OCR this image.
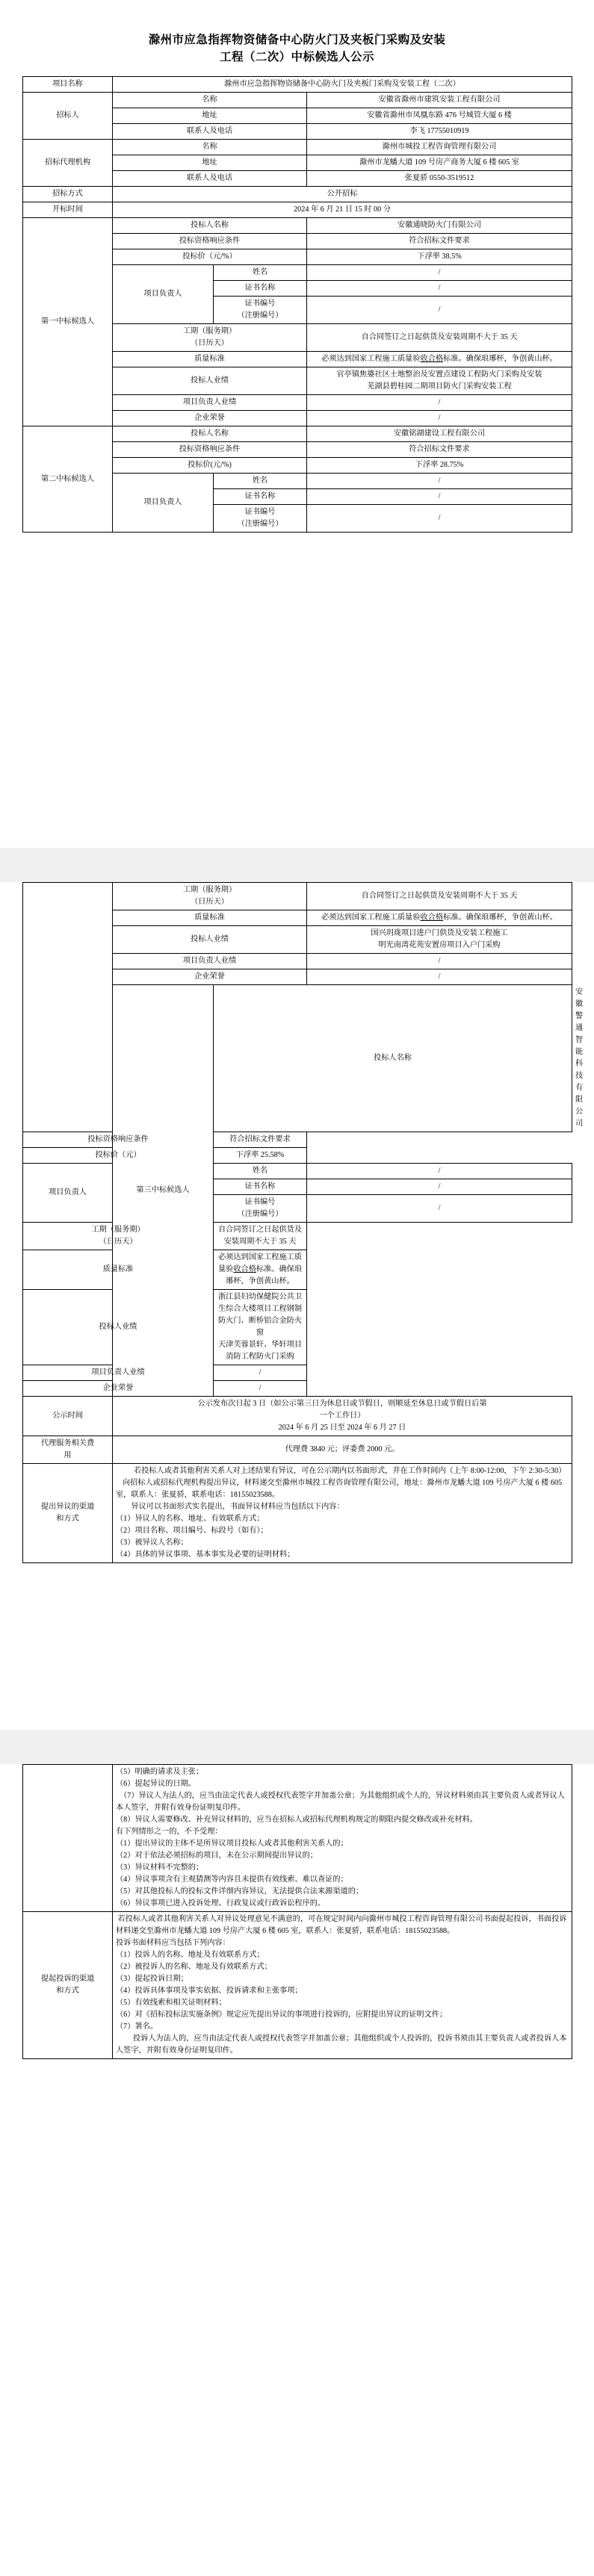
滁州市应急指挥物资储备中心防火门及夹板门采购及安装
工程（二次）中标候选人公示
项目名称	滁州市应急指挥物资储备中心防火门及夹板门采购及安装工程（二次）		
招标人	名称		安徽省滁州市建筑安装工程有限公司
	地址		安徽省滁州市凤凰东路 476 号城管大厦 6 楼
	联系人及电话		李飞 17755010919
招标代理机构	名称		滁州市城投工程咨询管理有限公司
	地址		滁州市龙蟠大道 109 号房产商务大厦 6 楼 605 室
	联系人及电话		张夏骄 0550-3519512
招标方式	公开招标		
开标时间	2024 年 6 月 21 日 15 时 00 分		
第一中标候选人	投标人名称		安徽通晓防火门有限公司
	投标资格响应条件		符合招标文件要求
	投标价（元/%）		下浮率 38.5%
	项目负责人	姓名	/
		证书名称	/

		证书编号
（注册编号）	/

	工期（服务期）
（日历天）		自合同签订之日起供货及安装周期不大于 35 天
	质量标准		必须达到国家工程施工质量验收合格标准。确保琅琊杯，争创黄山杯。
	投标人业绩		官亭镇焦婆社区土地整治及安置点建设工程防火门采购及安装
芜湖县碧桂园二期项目防火门采购安装工程

	项目负责人业绩		/
	企业荣誉		/
第二中标候选人	投标人名称		安徽铭湖建设工程有限公司
	投标资格响应条件		符合招标文件要求
	投标价(元/%)		下浮率 28.75%
	项目负责人	姓名	/
		证书名称	/

		证书编号
（注册编号）	/

	工期（服务期）
（日历天）		自合同签订之日起供货及安装周期不大于 35 天	
	质量标准		必须达到国家工程施工质量验收合格标准。确保琅琊杯，争创黄山杯。	
	投标人业绩		国兴玥珑项目进户门供货及安装工程施工
明光南湾花苑安置房项目入户门采购	

	项目负责人业绩		/	
	企业荣誉		/	
	第三中标候选人	投标人名称		安徽警通智能科技有限公司
投标资格响应条件		符合招标文件要求		
投标价（元）		下浮率 25.58%		
项目负责人		姓名	/	
		证书名称	/	

		证书编号
（注册编号）	/	

工期（服务期）
（日历天）		自合同签订之日起供货及安装周期不大于 35 天		
质量标准		必须达到国家工程施工质量验收合格标准。确保琅琊杯，争创黄山杯。		
投标人业绩		浙江县妇幼保健院公共卫生综合大楼项目工程钢制防火门、断桥铝合金防火窗
天津芙蓉景轩、华轩项目消防工程防火门采购		

项目负责人业绩		/		
企业荣誉		/		
公示时间	公示发布次日起 3 日（如公示第三日为休息日或节假日，则顺延至休息日或节假日后第
一个工作日）
2024 年 6 月 25 日至 2024 年 6 月 27 日			

代理服务相关费
用	代理费 3840 元；评委费 2000 元。			

提出异议的渠道
和方式

若投标人或者其他利害关系人对上述结果有异议，可在公示期内以书面形式，并在工作时间内（上午 8:00-12:00，下午 2:30-5:30）向招标人或招标代理机构提出异议，材料递交至滁州市城投工程咨询管理有限公司，地址：滁州市龙蟠大道 109 号房产大厦 6 楼 605 室，联系人：张夏骄，联系电话：18155023588。

异议可以书面形式实名提出，书面异议材料应当包括以下内容：

（1）异议人的名称、地址、有效联系方式；

（2）项目名称、项目编号、标段号（如有）；

（3）被异议人名称；

（4）具体的异议事项、基本事实及必要的证明材料；

（5）明确的请求及主张；

（6）提起异议的日期。

（7）异议人为法人的，应当由法定代表人或授权代表签字并加盖公章；为其他组织或个人的，异议材料须由其主要负责人或者异议人本人签字，并附有效身份证明复印件。

（8）异议人需要修改、补充异议材料的，应当在招标人或招标代理机构规定的期限内提交修改或补充材料。

有下列情形之一的，不予受理：

（1）提出异议的主体不是所异议项目投标人或者其他利害关系人的；

（2）对于依法必须招标的项目，未在公示期间提出异议的；

（3）异议材料不完整的；

（4）异议事项含有主观猜测等内容且未提供有效线索、难以查证的；

（5）对其他投标人的投标文件详细内容异议，无法提供合法来源渠道的；

（6）异议事项已进入投诉处理、行政复议或行政诉讼程序的。

提起投诉的渠道
和方式

若投标人或者其他利害关系人对异议处理意见不满意的，可在规定时间内向滁州市城投工程咨询管理有限公司书面提起投诉，书面投诉材料递交至滁州市龙蟠大道 109 号房产大厦 6 楼 605 室，联系人：张夏骄，联系电话：18155023588。

投诉书面材料应当包括下列内容：

（1）投诉人的名称、地址及有效联系方式；

（2）被投诉人的名称、地址及有效联系方式；

（3）提起投诉日期；

（4）投诉具体事项及事实依据、投诉请求和主张事项；

（5）有效线索和相关证明材料；

（6）对《招标投标法实施条例》规定应先提出异议的事项进行投诉的，应附提出异议的证明文件；

（7）署名。

投诉人为法人的，应当由法定代表人或授权代表签字并加盖公章；其他组织或个人投诉的，投诉书须由其主要负责人或者投诉人本人签字，并附有效身份证明复印件。
